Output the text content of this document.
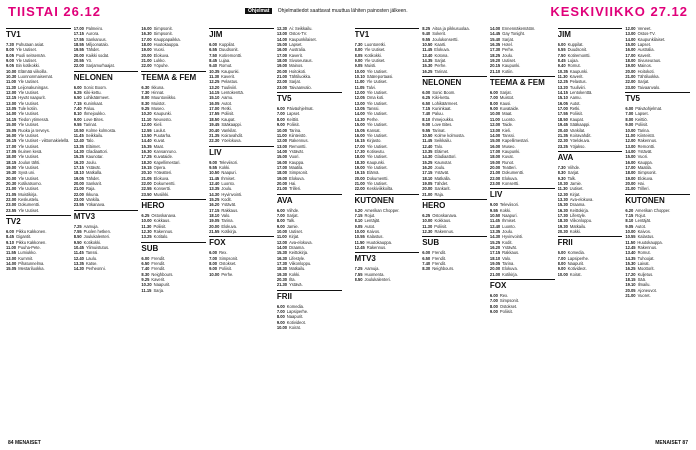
TIISTAI 26.12	Ohjelmat Ohjelmatiedot saattavat muuttua lähiten painosten jälkeen.	KESKIVIIKKO 27.12
TV1
7.30 Puhutaan asiat.
8.00 Yle Uutiset.
8.05 Puoli seitsemän.
9.00 Yle Uutiset.
9.05 Bin kotikokki.
10.00 Elämää viikoilla.
10.30 Luonnonmaisemat.
11.00 Yle Uutiset.
11.30 Leijonakuningas.
12.00 Yle Uutiset.
12.15 Hyvät naapurit.
13.00 Yle Uutiset.
13.05 Tule kotiin.
14.00 Yle Uutiset.
14.15 Tiedon ytimessä.
15.00 Yle Uutiset.
15.05 Ruoka ja terveys.
16.00 Yle Uutiset.
16.15 Yle Uutiset - viittomakielellä.
17.00 Yle Uutiset.
17.05 Ikuinen kesä.
18.00 Yle Uutiset.
18.15 Joulun tähti.
19.00 Yle Uutiset.
19.30 Syvä uni.
20.00 Yle Uutiset.
20.30 Kotikatsomo.
21.00 Yle Uutiset.
21.05 Muistikirja.
22.00 Keskustelu.
23.00 Dokumentti.
23.55 Yle Uutiset.
TV2
6.00 Pikku Kakkonen.
8.45 Gigantit.
9.10 Pikku Kakkonen.
11.00 Puuha-Pete.
11.55 Lumiukko.
13.00 Kummit.
14.00 Pihatunnelma.
15.05 Mestariluokka.
17.00 Palmeiro.
17.15 Aurora.
17.55 Sankaruus.
18.55 Miljoonatalo.
19.55 Tähdet.
20.00 Kaikki sodat.
20.55 Yö.
22.00 Sarjamurhaajat.
NELONEN
6.00 Sonic Boom.
6.25 Kiki-kettu.
6.50 Lohikäärmeet.
7.15 Kuninkaat.
7.40 Paluu.
8.10 Ihmejoukko.
9.00 Love Bites.
9.55 Tarinat.
10.50 Kolme kolmosta.
11.45 Seikkailu.
12.40 Talo.
13.35 Eläimet.
14.30 Gladiaattori.
15.25 Kaunotar.
16.20 Joulu.
17.15 Ystävät.
18.10 Matkalla.
19.05 Tähdet.
20.00 Sankarit.
21.00 Raja.
22.00 Ikkuna.
23.00 Vankila.
23.55 Yökanava.
MTV3
7.25 Aamuja.
7.55 Puolen hetken.
8.50 Joulukalenteri.
9.50 Kotikokki.
10.45 Ylimuistutus.
11.45 Tanssi.
12.40 Laulu.
13.35 Katse.
14.30 Perheonni.
16.00 Simpsonit.
16.30 Simpsonit.
17.00 Kauppapaikka.
18.00 Huutokauppa.
19.00 Vuosi.
20.00 Elokuva.
21.00 Lukko.
22.00 Yöpuhe.
TEEMA & FEM
6.30 Ikkuna.
7.30 Hinnat.
8.00 Muuntoviikko.
8.30 Muistot.
9.25 Museo.
10.20 Kaupunki.
11.10 Neuvosto.
12.00 Kieli.
12.55 Laulut.
13.50 Puutarha.
14.40 Kuvat.
15.35 Maat.
16.30 Kansanruno.
17.25 Kuvataide.
18.20 Kapellimestari.
19.15 Opera.
20.10 Yöteatteri.
21.05 Elokuva.
22.00 Dokumentti.
22.55 Konsertti.
23.50 Musiikki.
HERO
6.25 Ostoskanava.
10.00 Kokkaus.
11.30 Poliisit.
12.30 Rakennus.
13.25 Kotitalo.
SUB
6.00 Frendit.
6.50 Frendit.
7.40 Frendit.
8.30 Neighbours.
9.25 Kaverit.
10.20 Naapurit.
11.15 Sarja.
JIM
6.00 Kuppilat.
6.55 Duudsonit.
7.50 Kotiremontti.
8.45 Lujaa.
9.40 Romut.
10.35 Kaupunki.
11.30 Kaverit.
12.25 Pelastus.
13.20 Tuuliviiri.
14.15 Lentokenttä.
15.10 Aamu.
16.05 Autot.
17.00 Retki.
17.55 Poliisit.
18.50 Kaupat.
19.45 Sääkaappi.
20.40 Vankilat.
21.35 Koiravahdit.
22.30 Yöelokuva.
LIV
9.00 Televiisori.
9.55 Kokki.
10.50 Naapuri.
11.45 Ihmiset.
12.40 Luonto.
13.35 Joulu.
14.30 Hyvinvointi.
15.25 Kodit.
16.20 Ystävät.
17.15 Rakkaus.
18.10 Valo.
19.05 Tarina.
20.00 Elokuva.
21.55 Kotikirja.
FOX
6.00 Rex.
7.00 Simpsonit.
8.00 Ostokset.
9.00 Poliisit.
10.00 Perhe.
12.30 Ai: Seikkailu.
13.00 Ostos-TV.
14.00 Kaupunkilaiset.
15.00 Lapset.
16.00 Australia.
17.00 Kaverit.
18.00 Sivuseuraus.
19.00 Mainos.
20.00 Hoitokoti.
21.00 Tähtiluokka.
22.00 Sarjat.
23.00 Taivaanvalo.
TV5
6.00 Päiväohjelmat.
7.00 Lapset.
8.00 Keittiö.
9.00 Poliisit.
10.00 Tarina.
11.00 Kiinteistö.
12.00 Rakennus.
13.00 Remontti.
14.00 Ystävät.
15.00 Vuori.
16.00 Kauppa.
17.00 Maatila.
18.00 Simpsonit.
19.00 Elokuva.
20.00 Hai.
21.00 Trilleri.
AVA
6.00 Viihde.
7.00 Sarjat.
8.00 Talk.
9.00 Jamie.
10.00 Uutiset.
11.00 Kirjat.
12.00 Ava-elokuva.
14.00 Draama.
15.30 Keittokirja.
16.30 Lifestyle.
17.30 Viikonloppu.
18.30 Matkailu.
19.30 Kokki.
20.30 Ilta.
21.30 Ystävä.
FRII
6.00 Komedia.
7.00 Lapsiperhe.
8.00 Naapurit.
9.00 Kotivideot.
10.00 Koirat.
TV1
7.30 Luontoretki.
8.00 Yle Uutiset.
8.05 Kotikokki.
9.00 Yle Uutiset.
9.05 Muisti.
10.00 Yle Uutiset.
10.10 Sääreportaasi.
11.00 Yle Uutiset.
11.05 Talvi.
12.00 Yle Uutiset.
12.05 Oma koti.
13.00 Yle Uutiset.
13.05 Tanssi.
14.00 Yle Uutiset.
14.30 Perhe.
15.00 Yle Uutiset.
15.05 Kansat.
16.00 Yle Uutiset.
16.15 Kirjasto.
17.00 Yle Uutiset.
17.30 Kotiseutu.
18.00 Yle Uutiset.
18.30 Kaupunki.
19.00 Yle Uutiset.
19.15 Elämä.
20.00 Dokumentti.
21.00 Yle Uutiset.
22.00 Keskiviikkoilta.
KUTONEN
6.20 Amerikan Chopper.
7.15 Rojut.
8.10 Lentäjät.
9.05 Autot.
10.00 Kaivos.
10.55 Kalastus.
11.50 Huutokauppa.
12.45 Rakennus.
MTV3
7.25 Aamuja.
7.55 Huomenta.
8.50 Joulukalenteri.
8.25 Aitoa ja pikkusuolaa.
9.40 Sokerit.
9.55 Joulukonsertti.
10.50 Kaarti.
11.45 Elokuva.
13.40 Kotona.
14.35 Sarjat.
15.30 Perhe.
16.25 Tarinat.
NELONEN
6.00 Sonic Boom.
6.25 Kiki-kettu.
6.50 Lohikäärmeet.
7.15 Kuninkaat.
7.40 Paluu.
8.10 Ihmejoukko.
9.00 Love Bites.
9.55 Tarinat.
10.50 Kolme kolmosta.
11.45 Seikkailu.
12.40 Talo.
13.35 Eläimet.
14.30 Gladiaattori.
15.25 Kaunotar.
16.20 Joulu.
17.15 Ystävät.
18.10 Matkalla.
19.05 Tähdet.
20.00 Sankarit.
21.00 Raja.
HERO
6.25 Ostoskanava.
10.00 Kokkaus.
11.30 Poliisit.
12.30 Rakennus.
SUB
6.00 Frendit.
6.50 Frendit.
7.40 Frendit.
8.30 Neighbours.
14.00 Ennennäkemätön.
14.45 Gay Tonight.
15.40 Sarjat.
16.35 Hotel.
17.30 Perhe.
18.25 Joulu.
19.20 Uutiset.
20.15 Kaupunki.
21.10 Kotiin.
TEEMA & FEM
6.00 Sarjat.
7.00 Muistot.
8.00 Kausi.
9.00 Kuvataide.
10.00 Maat.
11.00 Luonto.
12.00 Taide.
13.00 Kieli.
14.00 Tanssi.
15.00 Kapellimestari.
16.00 Museo.
17.00 Kaupunki.
18.00 Kuvat.
19.00 Runot.
20.00 Teatteri.
21.00 Dokumentti.
22.00 Elokuva.
23.00 Konsertti.
LIV
9.00 Televiisori.
9.55 Kokki.
10.50 Naapuri.
11.45 Ihmiset.
12.40 Luonto.
13.35 Joulu.
14.30 Hyvinvointi.
15.25 Kodit.
16.20 Ystävät.
17.15 Rakkaus.
18.10 Valo.
19.05 Tarina.
20.00 Elokuva.
21.00 Kotikirja.
FOX
6.00 Rex.
7.00 Simpsonit.
8.00 Ostokset.
9.00 Poliisit.
JIM
6.00 Kuppilat.
6.55 Duudsonit.
7.50 Kotiremontti.
8.45 Lujaa.
9.40 Romut.
10.35 Kaupunki.
11.30 Kaverit.
12.25 Pelastus.
13.20 Tuuliviiri.
14.15 Lentokenttä.
15.10 Aamu.
16.05 Autot.
17.00 Retki.
17.55 Poliisit.
18.50 Kaupat.
19.45 Sääkaappi.
20.40 Vankilat.
21.35 Koiravahdit.
22.30 Yöelokuva.
23.25 Yöjakso.
AVA
7.30 Viihde.
8.30 Sarjat.
9.30 Talk.
10.30 Jamie.
11.30 Uutiset.
12.30 Kirjat.
13.30 Ava-elokuva.
15.30 Draama.
16.30 Keittokirja.
17.30 Lifestyle.
18.30 Viikonloppu.
19.30 Matkailu.
20.30 Kokki.
FRII
6.00 Komedia.
7.00 Lapsiperhe.
8.00 Naapurit.
9.00 Kotivideot.
10.00 Koirat.
12.00 Veneet.
13.00 Ostos-TV.
14.00 Kaupunkilaiset.
15.00 Lapset.
16.00 Australia.
17.00 Kaverit.
18.00 Sivuseuraus.
19.00 Mainos.
20.00 Hoitokoti.
21.00 Tähtiluokka.
22.00 Sarjat.
23.00 Taivaanvalo.
TV5
6.00 Päiväohjelmat.
7.00 Lapset.
8.00 Keittiö.
9.00 Poliisit.
10.00 Tarina.
11.00 Kiinteistö.
12.00 Rakennus.
13.00 Remontti.
14.00 Ystävät.
15.00 Vuori.
16.00 Kauppa.
17.00 Maatila.
18.00 Simpsonit.
19.00 Elokuva.
20.00 Hai.
21.00 Trilleri.
KUTONEN
6.20 Amerikan Chopper.
7.15 Rojut.
8.10 Lentäjät.
9.05 Autot.
10.00 Kaivos.
10.55 Kalastus.
11.50 Huutokauppa.
12.45 Rakennus.
13.40 Romut.
14.35 Tuhoojat.
15.30 Laivat.
16.25 Moottorit.
17.20 Kuljetus.
18.15 Sää.
19.10 Ilmailu.
20.05 Ajoneuvot.
21.00 Vuoret.
84 MENAISET	MENAISET 87
